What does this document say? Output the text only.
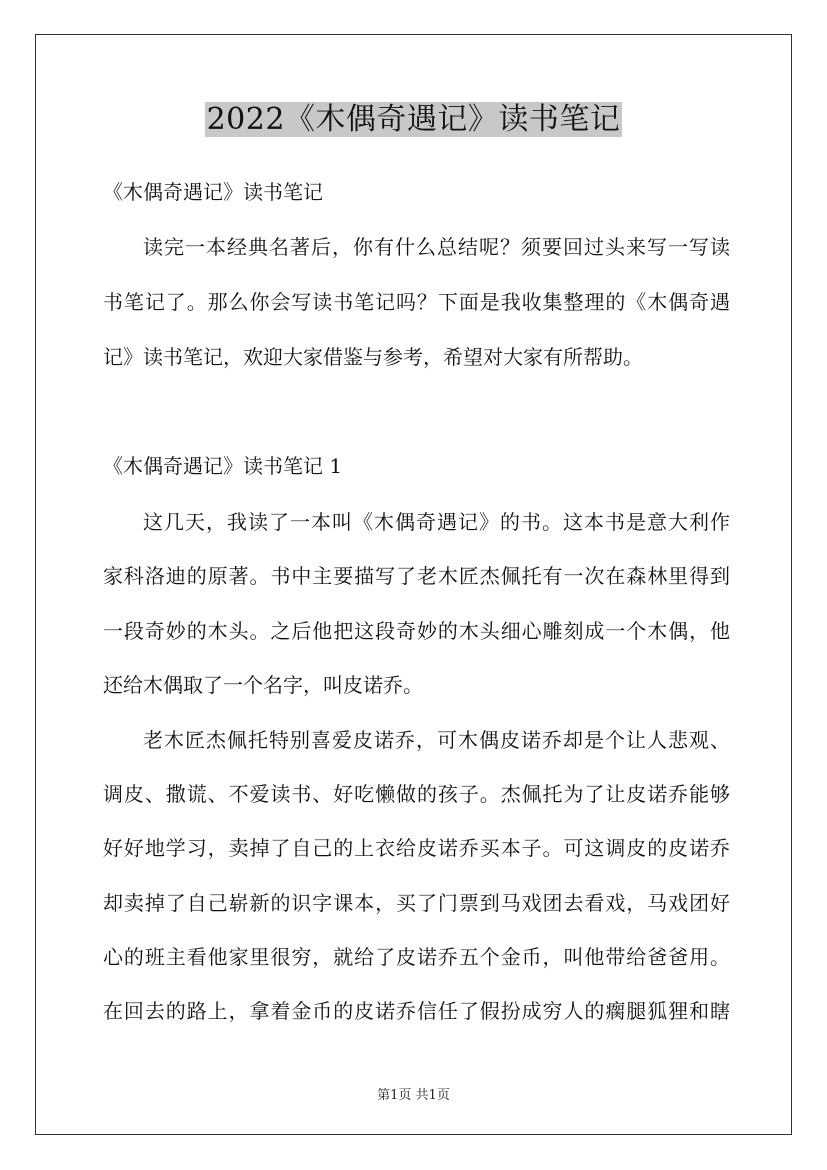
2022《木偶奇遇记》读书笔记
《木偶奇遇记》读书笔记
读完一本经典名著后，你有什么总结呢？须要回过头来写一写读
书笔记了。那么你会写读书笔记吗？下面是我收集整理的《木偶奇遇
记》读书笔记，欢迎大家借鉴与参考，希望对大家有所帮助。
《木偶奇遇记》读书笔记 1
这几天，我读了一本叫《木偶奇遇记》的书。这本书是意大利作
家科洛迪的原著。书中主要描写了老木匠杰佩托有一次在森林里得到
一段奇妙的木头。之后他把这段奇妙的木头细心雕刻成一个木偶，他
还给木偶取了一个名字，叫皮诺乔。
老木匠杰佩托特别喜爱皮诺乔，可木偶皮诺乔却是个让人悲观、
调皮、撒谎、不爱读书、好吃懒做的孩子。杰佩托为了让皮诺乔能够
好好地学习，卖掉了自己的上衣给皮诺乔买本子。可这调皮的皮诺乔
却卖掉了自己崭新的识字课本，买了门票到马戏团去看戏，马戏团好
心的班主看他家里很穷，就给了皮诺乔五个金币，叫他带给爸爸用。
在回去的路上，拿着金币的皮诺乔信任了假扮成穷人的瘸腿狐狸和瞎
第1页 共1页
